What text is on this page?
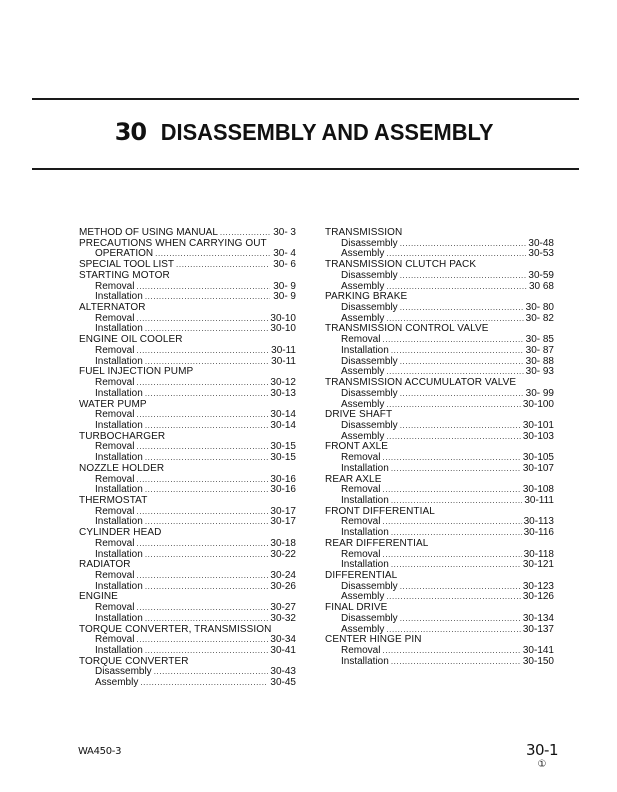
30 DISASSEMBLY AND ASSEMBLY
METHOD OF USING MANUAL .....	30- 3
PRECAUTIONS WHEN CARRYING OUT
OPERATION .....	30- 4
SPECIAL TOOL LIST .....	30- 6
STARTING MOTOR
Removal .....	30- 9
Installation .....	30- 9
ALTERNATOR
Removal .....	30-10
Installation .....	30-10
ENGINE OIL COOLER
Removal .....	30-11
Installation .....	30-11
FUEL INJECTION PUMP
Removal .....	30-12
Installation .....	30-13
WATER PUMP
Removal .....	30-14
Installation .....	30-14
TURBOCHARGER
Removal .....	30-15
Installation .....	30-15
NOZZLE HOLDER
Removal .....	30-16
Installation .....	30-16
THERMOSTAT
Removal .....	30-17
Installation .....	30-17
CYLINDER HEAD
Removal .....	30-18
Installation .....	30-22
RADIATOR
Removal .....	30-24
Installation .....	30-26
ENGINE
Removal .....	30-27
Installation .....	30-32
TORQUE CONVERTER, TRANSMISSION
Removal .....	30-34
Installation .....	30-41
TORQUE CONVERTER
Disassembly .....	30-43
Assembly .....	30-45
TRANSMISSION
Disassembly .....	30-48
Assembly .....	30-53
TRANSMISSION CLUTCH PACK
Disassembly .....	30-59
Assembly .....	30 68
PARKING BRAKE
Disassembly .....	30- 80
Assembly .....	30- 82
TRANSMISSION CONTROL VALVE
Removal .....	30- 85
Installation .....	30- 87
Disassembly .....	30- 88
Assembly .....	30- 93
TRANSMISSION ACCUMULATOR VALVE
Disassembly .....	30- 99
Assembly .....	30-100
DRIVE SHAFT
Disassembly .....	30-101
Assembly .....	30-103
FRONT AXLE
Removal .....	30-105
Installation .....	30-107
REAR AXLE
Removal .....	30-108
Installation .....	30-111
FRONT DIFFERENTIAL
Removal .....	30-113
Installation .....	30-116
REAR DIFFERENTIAL
Removal .....	30-118
Installation .....	30-121
DIFFERENTIAL
Disassembly .....	30-123
Assembly .....	30-126
FINAL DRIVE
Disassembly .....	30-134
Assembly .....	30-137
CENTER HINGE PIN
Removal .....	30-141
Installation .....	30-150
WA450-3	30-1
①
